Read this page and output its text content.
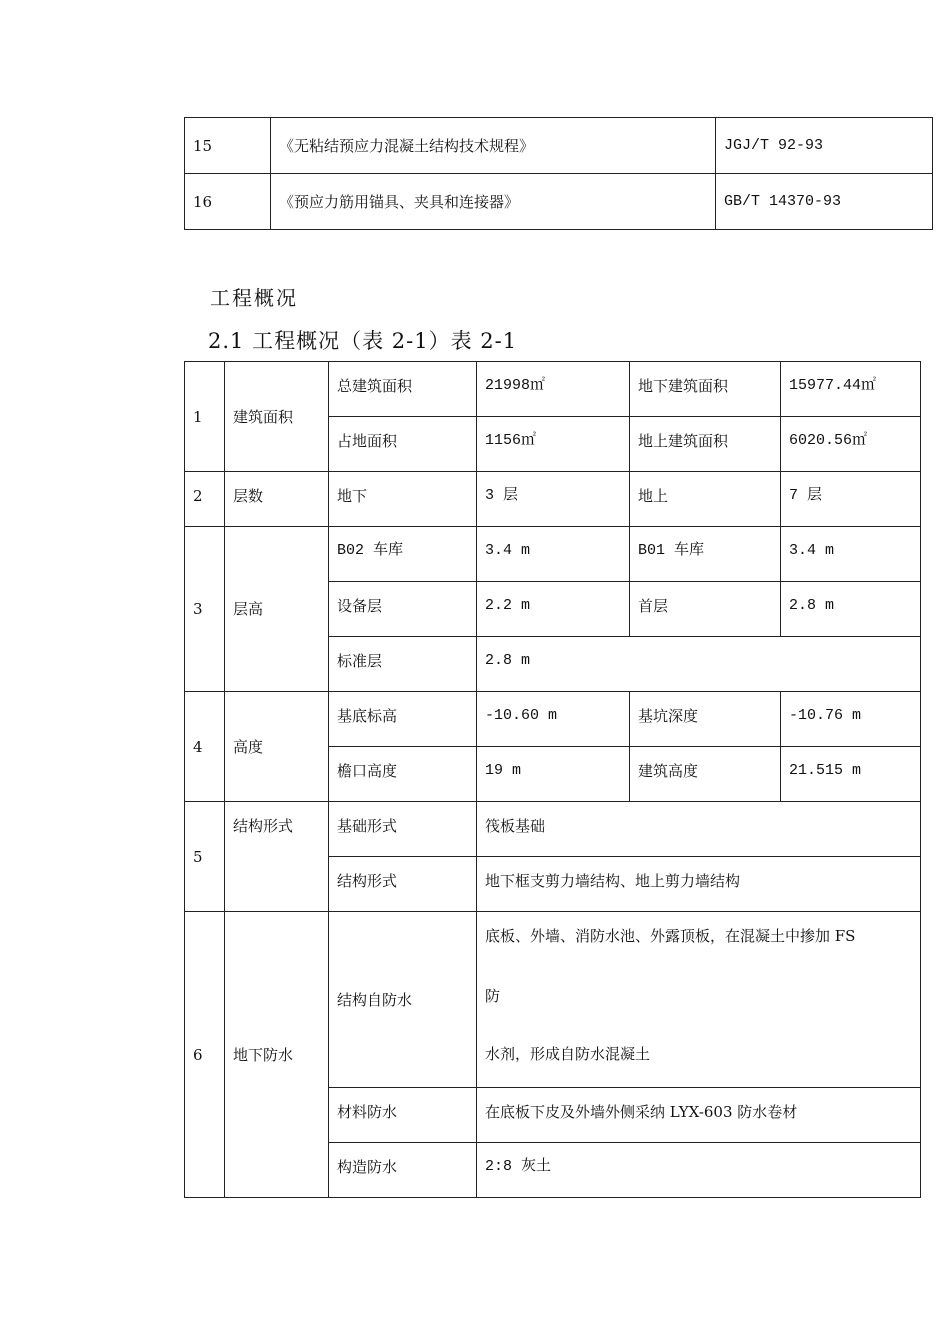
15	《无粘结预应力混凝土结构技术规程》	JGJ/T 92-93
16	《预应力筋用锚具、夹具和连接器》	GB/T 14370-93
工程概况
2.1 工程概况（表 2-1）表 2-1
1	建筑面积	总建筑面积	21998㎡	地下建筑面积	15977.44㎡
		占地面积	1156㎡	地上建筑面积	6020.56㎡
2	层数	地下	3 层	地上	7 层
3	层高	B02 车库	3.4 m	B01 车库	3.4 m
		设备层	2.2 m	首层	2.8 m
		标准层	2.8 m		
4	高度	基底标高	-10.60 m	基坑深度	-10.76 m
		檐口高度	19 m	建筑高度	21.515 m
5	结构形式	基础形式	筏板基础		
		结构形式	地下框支剪力墙结构、地上剪力墙结构		
6	地下防水	结构自防水	底板、外墙、消防水池、外露顶板，在混凝土中掺加 FS
防
水剂，形成自防水混凝土		

		材料防水	在底板下皮及外墙外侧采纳 LYX-603 防水卷材		
		构造防水	2:8 灰土		
